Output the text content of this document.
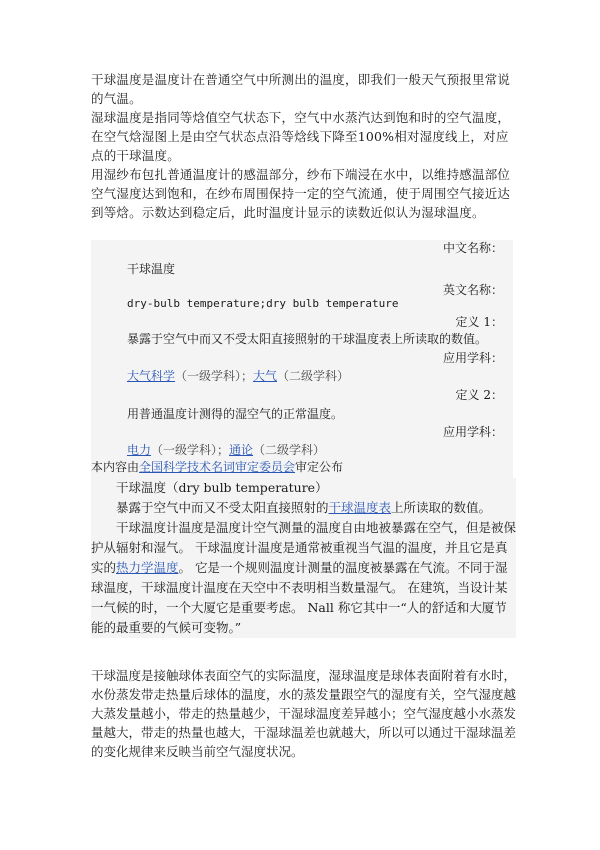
干球温度是温度计在普通空气中所测出的温度，即我们一般天气预报里常说的气温。

湿球温度是指同等焓值空气状态下，空气中水蒸汽达到饱和时的空气温度，在空气焓湿图上是由空气状态点沿等焓线下降至100%相对湿度线上，对应点的干球温度。

用湿纱布包扎普通温度计的感温部分，纱布下端浸在水中，以维持感温部位空气湿度达到饱和，在纱布周围保持一定的空气流通，使于周围空气接近达到等焓。示数达到稳定后，此时温度计显示的读数近似认为湿球温度。

中文名称：
干球温度
英文名称：
dry-bulb temperature;dry bulb temperature
定义 1：
暴露于空气中而又不受太阳直接照射的干球温度表上所读取的数值。
应用学科：
大气科学（一级学科）；大气（二级学科）
定义 2：
用普通温度计测得的湿空气的正常温度。
应用学科：
电力（一级学科）；通论（二级学科）
本内容由全国科学技术名词审定委员会审定公布

干球温度（dry bulb temperature）

暴露于空气中而又不受太阳直接照射的干球温度表上所读取的数值。

干球温度计温度是温度计空气测量的温度自由地被暴露在空气，但是被保护从辐射和湿气。 干球温度计温度是通常被重视当气温的温度，并且它是真实的热力学温度。 它是一个规则温度计测量的温度被暴露在气流。不同于湿球温度，干球温度计温度在天空中不表明相当数量湿气。 在建筑，当设计某一气候的时，一个大厦它是重要考虑。 Nall 称它其中一“人的舒适和大厦节能的最重要的气候可变物。”

干球温度是接触球体表面空气的实际温度，湿球温度是球体表面附着有水时，水份蒸发带走热量后球体的温度，水的蒸发量跟空气的湿度有关，空气湿度越大蒸发量越小，带走的热量越少，干湿球温度差异越小；空气湿度越小水蒸发量越大，带走的热量也越大，干湿球温差也就越大，所以可以通过干湿球温差的变化规律来反映当前空气湿度状况。
